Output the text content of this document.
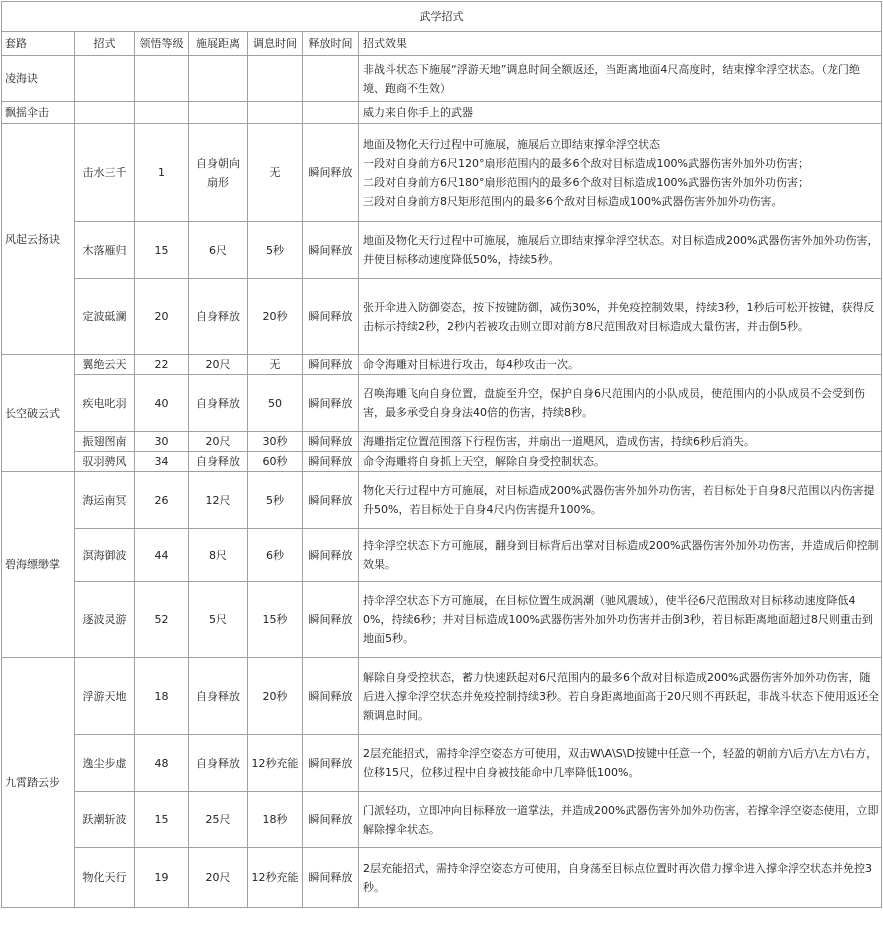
武学招式						
套路	招式	领悟等级	施展距离	调息时间	释放时间	招式效果
凌海诀						非战斗状态下施展“浮游天地”调息时间全额返还，当距离地面4尺高度时，结束撑伞浮空状态。（龙门绝境、跑商不生效）
飘摇伞击						威力来自你手上的武器
风起云扬诀	击水三千	1	自身朝向扇形	无	瞬间释放	地面及物化天行过程中可施展，施展后立即结束撑伞浮空状态
一段对自身前方6尺120°扇形范围内的最多6个敌对目标造成100%武器伤害外加外功伤害；
二段对自身前方6尺180°扇形范围内的最多6个敌对目标造成100%武器伤害外加外功伤害；
三段对自身前方8尺矩形范围内的最多6个敌对目标造成100%武器伤害外加外功伤害。
	木落雁归	15	6尺	5秒	瞬间释放	地面及物化天行过程中可施展，施展后立即结束撑伞浮空状态。对目标造成200%武器伤害外加外功伤害，并使目标移动速度降低50%，持续5秒。
	定波砥澜	20	自身释放	20秒	瞬间释放	张开伞进入防御姿态，按下按键防御，减伤30%，并免疫控制效果，持续3秒，1秒后可松开按键，获得反击标示持续2秒，2秒内若被攻击则立即对前方8尺范围敌对目标造成大量伤害，并击倒5秒。
长空破云式	翼绝云天	22	20尺	无	瞬间释放	命令海雕对目标进行攻击，每4秒攻击一次。
	疾电叱羽	40	自身释放	50	瞬间释放	召唤海雕飞向自身位置，盘旋至升空，保护自身6尺范围内的小队成员，使范围内的小队成员不会受到伤害，最多承受自身身法40倍的伤害，持续8秒。
	振翅图南	30	20尺	30秒	瞬间释放	海雕指定位置范围落下行程伤害，并扇出一道飓风，造成伤害，持续6秒后消失。
	驭羽骋风	34	自身释放	60秒	瞬间释放	命令海雕将自身抓上天空，解除自身受控制状态。
碧海缥缈掌	海运南冥	26	12尺	5秒	瞬间释放	物化天行过程中方可施展，对目标造成200%武器伤害外加外功伤害，若目标处于自身8尺范围以内伤害提升50%，若目标处于自身4尺内伤害提升100%。
	溟海御波	44	8尺	6秒	瞬间释放	持伞浮空状态下方可施展，翻身到目标背后出掌对目标造成200%武器伤害外加外功伤害，并造成后仰控制效果。
	逐波灵游	52	5尺	15秒	瞬间释放	持伞浮空状态下方可施展，在目标位置生成涡潮（驰风震域），使半径6尺范围敌对目标移动速度降低40%，持续6秒；并对目标造成100%武器伤害外加外功伤害并击倒3秒，若目标距离地面超过8尺则重击到地面5秒。
九霄踏云步	浮游天地	18	自身释放	20秒	瞬间释放	解除自身受控状态，蓄力快速跃起对6尺范围内的最多6个敌对目标造成200%武器伤害外加外功伤害，随后进入撑伞浮空状态并免疫控制持续3秒。若自身距离地面高于20尺则不再跃起，非战斗状态下使用返还全额调息时间。
	逸尘步虚	48	自身释放	12秒充能	瞬间释放	2层充能招式，需持伞浮空姿态方可使用，双击W\A\S\D按键中任意一个，轻盈的朝前方\后方\左方\右方，位移15尺，位移过程中自身被技能命中几率降低100%。
	跃潮斩波	15	25尺	18秒	瞬间释放	门派轻功，立即冲向目标释放一道掌法，并造成200%武器伤害外加外功伤害，若撑伞浮空姿态使用，立即解除撑伞状态。
	物化天行	19	20尺	12秒充能	瞬间释放	2层充能招式，需持伞浮空姿态方可使用，自身荡至目标点位置时再次借力撑伞进入撑伞浮空状态并免控3秒。
